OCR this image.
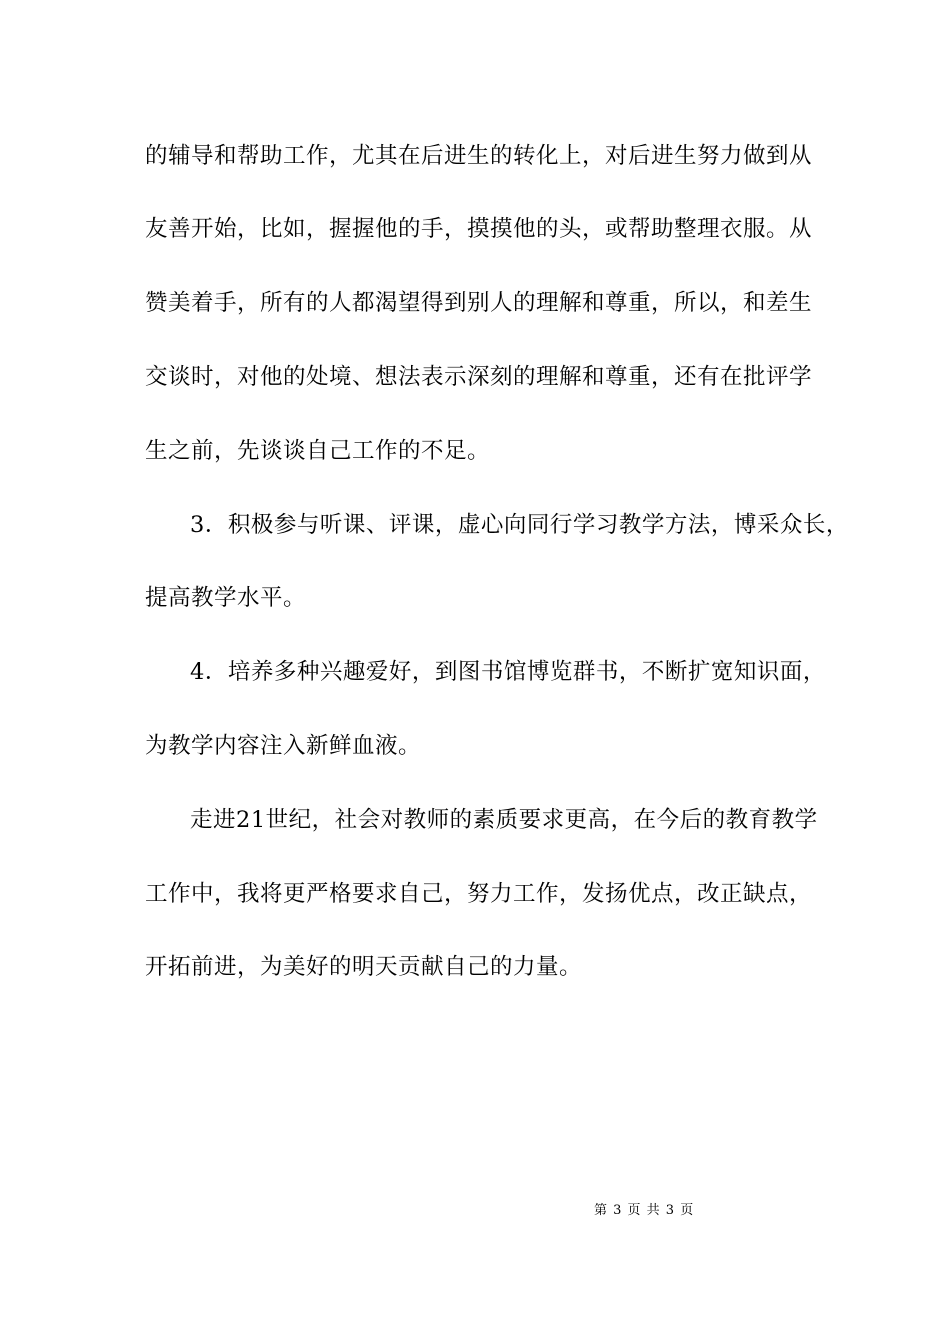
的辅导和帮助工作，尤其在后进生的转化上，对后进生努力做到从
友善开始，比如，握握他的手，摸摸他的头，或帮助整理衣服。从
赞美着手，所有的人都渴望得到别人的理解和尊重，所以，和差生
交谈时，对他的处境、想法表示深刻的理解和尊重，还有在批评学
生之前，先谈谈自己工作的不足。
3．积极参与听课、评课，虚心向同行学习教学方法，博采众长，
提高教学水平。
4．培养多种兴趣爱好，到图书馆博览群书，不断扩宽知识面，
为教学内容注入新鲜血液。
走进21世纪，社会对教师的素质要求更高，在今后的教育教学
工作中，我将更严格要求自己，努力工作，发扬优点，改正缺点，
开拓前进，为美好的明天贡献自己的力量。
第 3 页 共 3 页
